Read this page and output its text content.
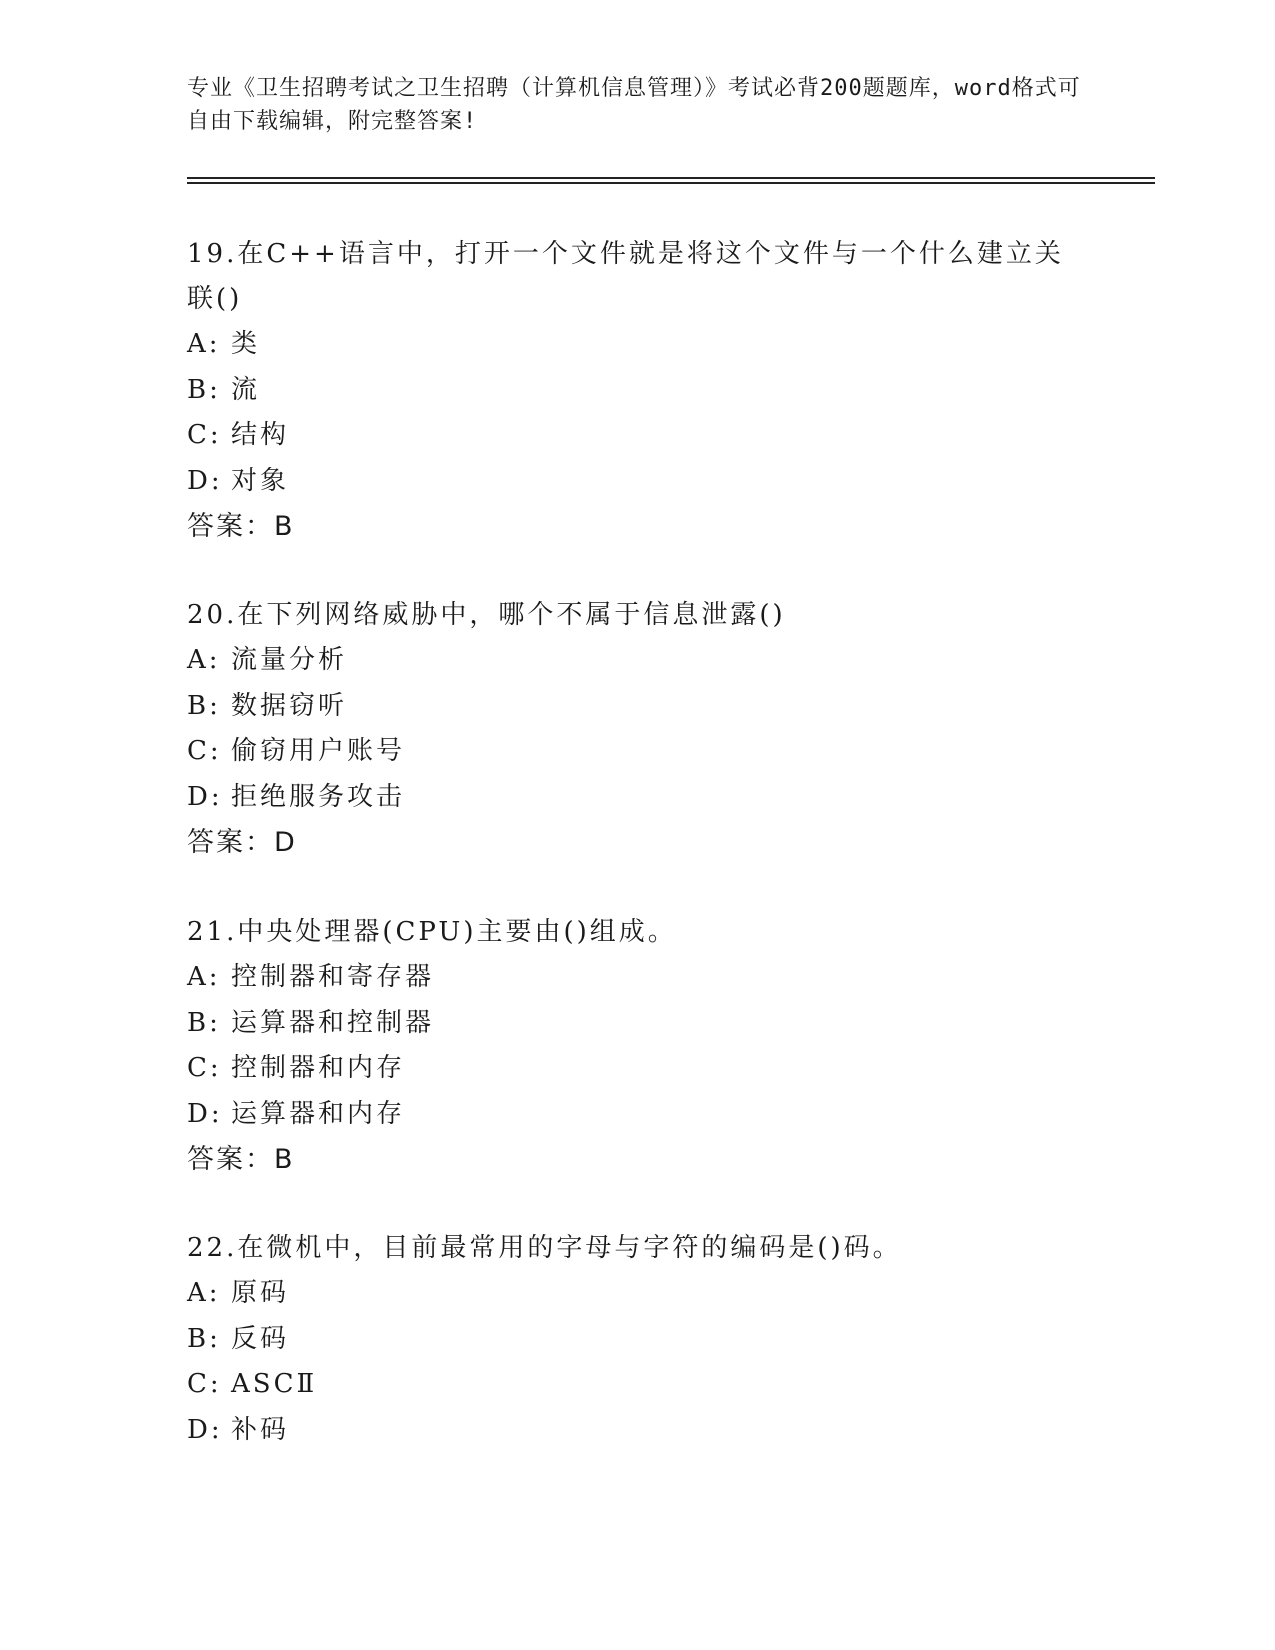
专业《卫生招聘考试之卫生招聘（计算机信息管理）》考试必背200题题库，word格式可自由下载编辑，附完整答案!

19.在C++语言中，打开一个文件就是将这个文件与一个什么建立关联()

A: 类
B: 流
C: 结构
D: 对象
答案：B

20.在下列网络威胁中，哪个不属于信息泄露()

A: 流量分析
B: 数据窃听
C: 偷窃用户账号
D: 拒绝服务攻击
答案：D

21.中央处理器(CPU)主要由()组成。

A: 控制器和寄存器
B: 运算器和控制器
C: 控制器和内存
D: 运算器和内存
答案：B

22.在微机中，目前最常用的字母与字符的编码是()码。

A: 原码
B: 反码
C: ASCⅡ
D: 补码
